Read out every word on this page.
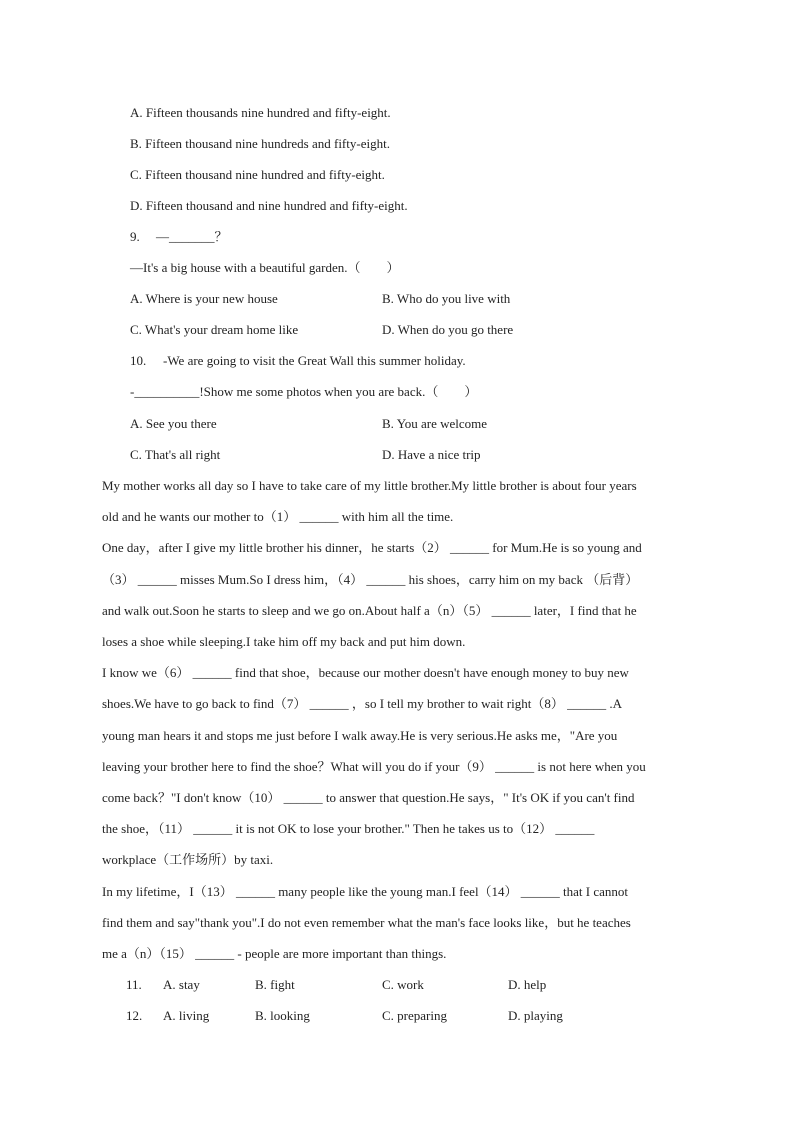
A. Fifteen thousands nine hundred and fifty-eight.
B. Fifteen thousand nine hundreds and fifty-eight.
C. Fifteen thousand nine hundred and fifty-eight.
D. Fifteen thousand and nine hundred and fifty-eight.
9. —_______？
—It's a big house with a beautiful garden.（　　）
A. Where is your new house	B. Who do you live with
C. What's your dream home like	D. When do you go there
10. -We are going to visit the Great Wall this summer holiday.
-__________!Show me some photos when you are back.（　　）
A. See you there	B. You are welcome
C. That's all right	D. Have a nice trip
My mother works all day so I have to take care of my little brother.My little brother is about four years
old and he wants our mother to（1） ______ with him all the time.
One day，after I give my little brother his dinner，he starts（2） ______ for Mum.He is so young and
（3） ______ misses Mum.So I dress him，（4） ______ his shoes，carry him on my back （后背）
and walk out.Soon he starts to sleep and we go on.About half a（n）（5） ______ later，I find that he
loses a shoe while sleeping.I take him off my back and put him down.
I know we（6） ______ find that shoe，because our mother doesn't have enough money to buy new
shoes.We have to go back to find（7） ______ ，so I tell my brother to wait right（8） ______ .A
young man hears it and stops me just before I walk away.He is very serious.He asks me，"Are you
leaving your brother here to find the shoe？What will you do if your（9） ______ is not here when you
come back？"I don't know（10） ______ to answer that question.He says，" It's OK if you can't find
the shoe，（11） ______ it is not OK to lose your brother." Then he takes us to（12） ______
workplace（工作场所）by taxi.
In my lifetime，I（13） ______ many people like the young man.I feel（14） ______ that I cannot
find them and say"thank you".I do not even remember what the man's face looks like，but he teaches
me a（n）（15） ______ - people are more important than things.
11. A. stay	B. fight	C. work	D. help
12. A. living	B. looking	C. preparing	D. playing
